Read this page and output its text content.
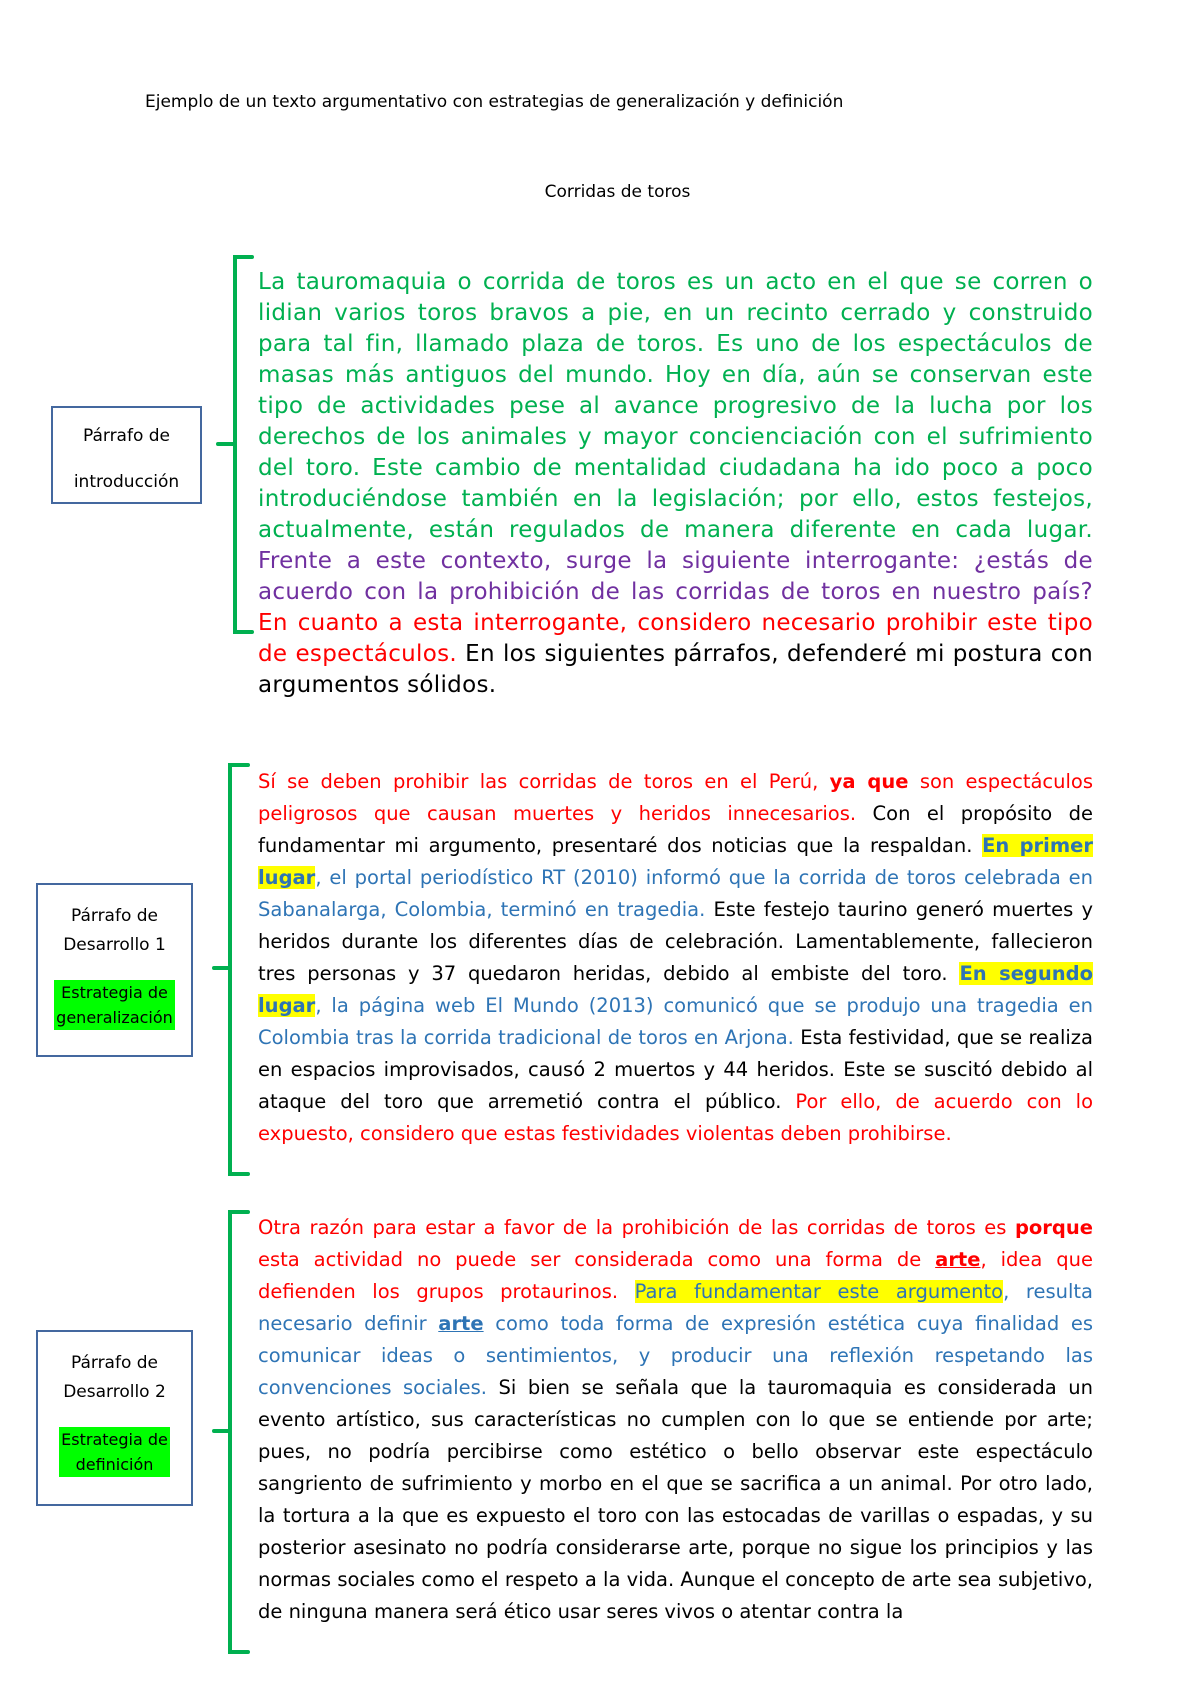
Ejemplo de un texto argumentativo con estrategias de generalización y definición
Corridas de toros
Párrafo de
introducción
Párrafo de
Desarrollo 1
Estrategia de
generalización
Párrafo de
Desarrollo 2
Estrategia de
definición
La tauromaquia o corrida de toros es un acto en el que se corren o lidian varios toros bravos a pie, en un recinto cerrado y construido para tal fin, llamado plaza de toros. Es uno de los espectáculos de masas más antiguos del mundo. Hoy en día, aún se conservan este tipo de actividades pese al avance progresivo de la lucha por los derechos de los animales y mayor concienciación con el sufrimiento del toro. Este cambio de mentalidad ciudadana ha ido poco a poco introduciéndose también en la legislación; por ello, estos festejos, actualmente, están regulados de manera diferente en cada lugar. Frente a este contexto, surge la siguiente interrogante: ¿estás de acuerdo con la prohibición de las corridas de toros en nuestro país? En cuanto a esta interrogante, considero necesario prohibir este tipo de espectáculos. En los siguientes párrafos, defenderé mi postura con argumentos sólidos.
Sí se deben prohibir las corridas de toros en el Perú, ya que son espectáculos peligrosos que causan muertes y heridos innecesarios. Con el propósito de fundamentar mi argumento, presentaré dos noticias que la respaldan. En primer lugar, el portal periodístico RT (2010) informó que la corrida de toros celebrada en Sabanalarga, Colombia, terminó en tragedia. Este festejo taurino generó muertes y heridos durante los diferentes días de celebración. Lamentablemente, fallecieron tres personas y 37 quedaron heridas, debido al embiste del toro. En segundo lugar, la página web El Mundo (2013) comunicó que se produjo una tragedia en Colombia tras la corrida tradicional de toros en Arjona. Esta festividad, que se realiza en espacios improvisados, causó 2 muertos y 44 heridos. Este se suscitó debido al ataque del toro que arremetió contra el público. Por ello, de acuerdo con lo expuesto, considero que estas festividades violentas deben prohibirse.
Otra razón para estar a favor de la prohibición de las corridas de toros es porque esta actividad no puede ser considerada como una forma de arte, idea que defienden los grupos protaurinos. Para fundamentar este argumento, resulta necesario definir arte como toda forma de expresión estética cuya finalidad es comunicar ideas o sentimientos, y producir una reflexión respetando las convenciones sociales. Si bien se señala que la tauromaquia es considerada un evento artístico, sus características no cumplen con lo que se entiende por arte; pues, no podría percibirse como estético o bello observar este espectáculo sangriento de sufrimiento y morbo en el que se sacrifica a un animal. Por otro lado, la tortura a la que es expuesto el toro con las estocadas de varillas o espadas, y su posterior asesinato no podría considerarse arte, porque no sigue los principios y las normas sociales como el respeto a la vida. Aunque el concepto de arte sea subjetivo, de ninguna manera será ético usar seres vivos o atentar contra la
